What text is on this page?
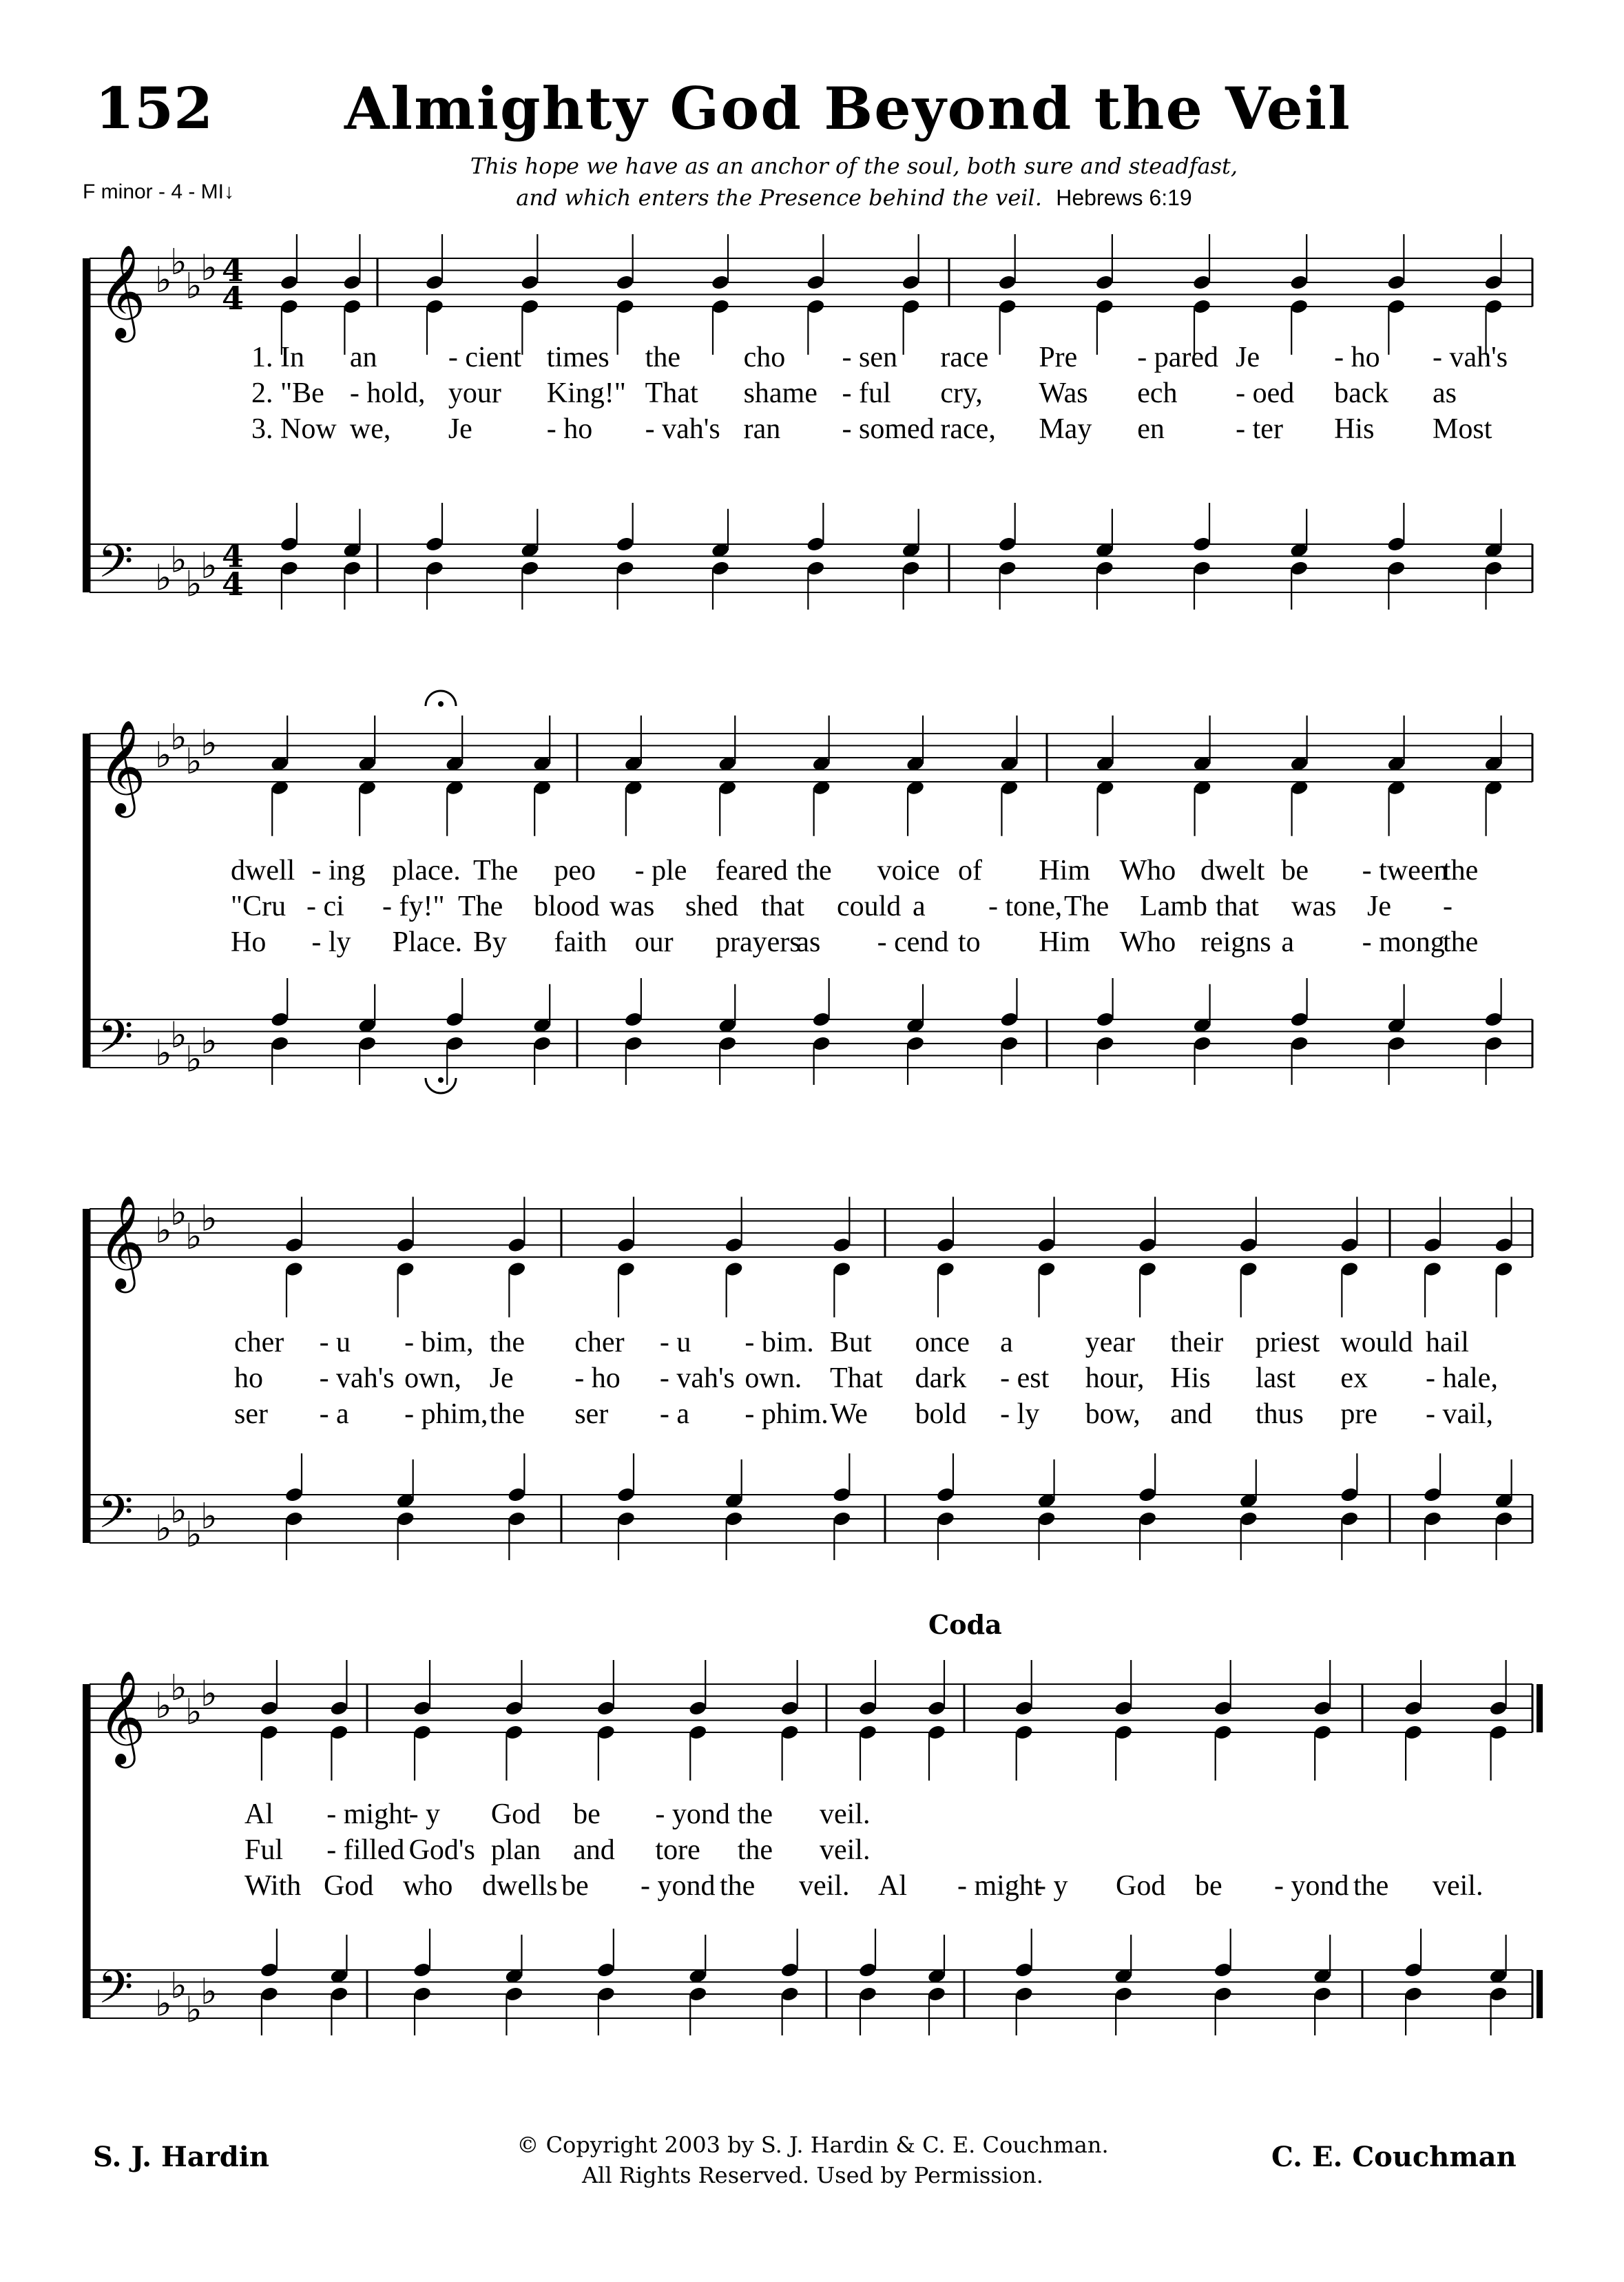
152 Almighty God Beyond the Veil
This hope we have as an anchor of the soul, both sure and steadfast,
and which enters the Presence behind the veil. Hebrews 6:19
F minor - 4 - MI↓
𝄞 ♭
♭
♭
♭ 4
4
𝄢 ♭
♭
♭
♭ 4
4
𝄞 ♭
♭
♭
♭
𝄢 ♭
♭
♭
♭
𝄞 ♭
♭
♭
♭
𝄢 ♭
♭
♭
♭
𝄞 ♭
♭
♭
♭
𝄢 ♭
♭
♭
♭
1. In an - cient times the cho - sen race Pre - pared Je	- ho - vah's
2. "Be - hold, your King!" That shame - ful cry, Was ech - oed back as
3. Now we, Je	- ho - vah's ran - somed race, May en - ter His Most
dwell - ing place. The peo - ple feared the voice of Him Who dwelt be - tween
the
"Cru - ci - fy!" The blood was shed that could a - tone, The Lamb that was Je -
Ho - ly Place. By faith our prayers
as - cend to Him Who reigns a - mong
the
cher - u - bim, the cher - u - bim. But once a year their priest would hail
ho - vah's own, Je - ho - vah's own. That dark - est hour, His last ex - hale,
ser - a - phim, the ser - a - phim. We bold - ly bow, and thus pre - vail,
Al - might
- y God be - yond the veil.
Ful - filled God's plan and tore the veil.
With God who dwells be - yond the veil. Al - might
- y God be - yond the veil.
Coda
S. J. Hardin	© Copyright 2003 by S. J. Hardin & C. E. Couchman.
All Rights Reserved. Used by Permission.
C. E. Couchman
